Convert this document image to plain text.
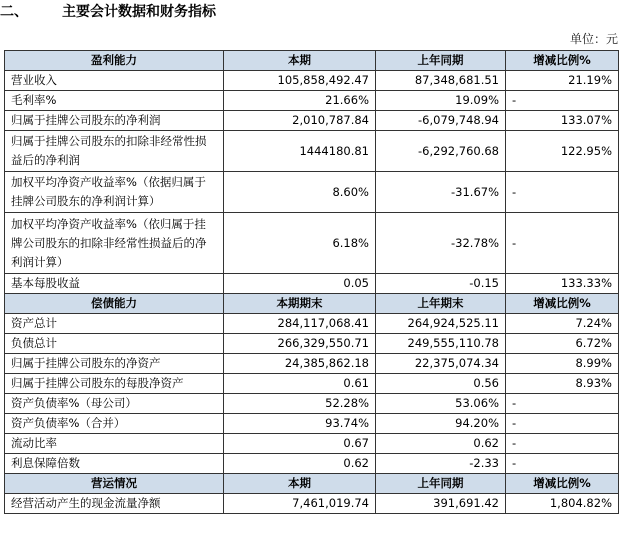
二、 主要会计数据和财务指标
单位：元
盈利能力	本期	上年同期	增减比例%
营业收入	105,858,492.47	87,348,681.51	21.19%
毛利率%	21.66%	19.09%	-
归属于挂牌公司股东的净利润	2,010,787.84	-6,079,748.94	133.07%
归属于挂牌公司股东的扣除非经常性损益后的净利润	1444180.81	-6,292,760.68	122.95%
加权平均净资产收益率%（依据归属于挂牌公司股东的净利润计算）	8.60%	-31.67%	-
加权平均净资产收益率%（依归属于挂牌公司股东的扣除非经常性损益后的净利润计算）	6.18%	-32.78%	-
基本每股收益	0.05	-0.15	133.33%
偿债能力	本期期末	上年期末	增减比例%
资产总计	284,117,068.41	264,924,525.11	7.24%
负债总计	266,329,550.71	249,555,110.78	6.72%
归属于挂牌公司股东的净资产	24,385,862.18	22,375,074.34	8.99%
归属于挂牌公司股东的每股净资产	0.61	0.56	8.93%
资产负债率%（母公司）	52.28%	53.06%	-
资产负债率%（合并）	93.74%	94.20%	-
流动比率	0.67	0.62	-
利息保障倍数	0.62	-2.33	-
营运情况	本期	上年同期	增减比例%
经营活动产生的现金流量净额	7,461,019.74	391,691.42	1,804.82%
